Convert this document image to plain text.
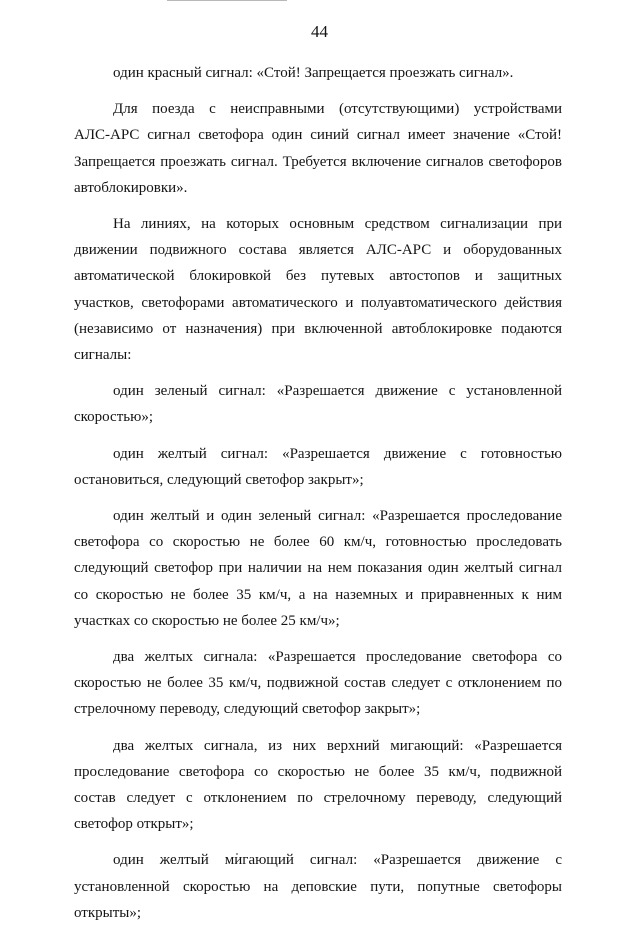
44

один красный сигнал: «Стой! Запрещается проезжать сигнал».

Для поезда с неисправными (отсутствующими) устройствами
АЛС-АРС сигнал светофора один синий сигнал имеет значение «Стой!
Запрещается проезжать сигнал. Требуется включение сигналов светофоров
автоблокировки».

На линиях, на которых основным средством сигнализации при
движении подвижного состава является АЛС-АРС и оборудованных
автоматической блокировкой без путевых автостопов и защитных
участков, светофорами автоматического и полуавтоматического действия
(независимо от назначения) при включенной автоблокировке подаются
сигналы:

один зеленый сигнал: «Разрешается движение с установленной
скоростью»;

один желтый сигнал: «Разрешается движение с готовностью
остановиться, следующий светофор закрыт»;

один желтый и один зеленый сигнал: «Разрешается проследование
светофора со скоростью не более 60 км/ч, готовностью проследовать
следующий светофор при наличии на нем показания один желтый сигнал
со скоростью не более 35 км/ч, а на наземных и приравненных к ним
участках со скоростью не более 25 км/ч»;

два желтых сигнала: «Разрешается проследование светофора со
скоростью не более 35 км/ч, подвижной состав следует с отклонением по
стрелочному переводу, следующий светофор закрыт»;

два желтых сигнала, из них верхний мигающий: «Разрешается
проследование светофора со скоростью не более 35 км/ч, подвижной
состав следует с отклонением по стрелочному переводу, следующий
светофор открыт»;

один желтый мигающий сигнал: «Разрешается движение с
установленной скоростью на деповские пути, попутные светофоры
открыты»;
